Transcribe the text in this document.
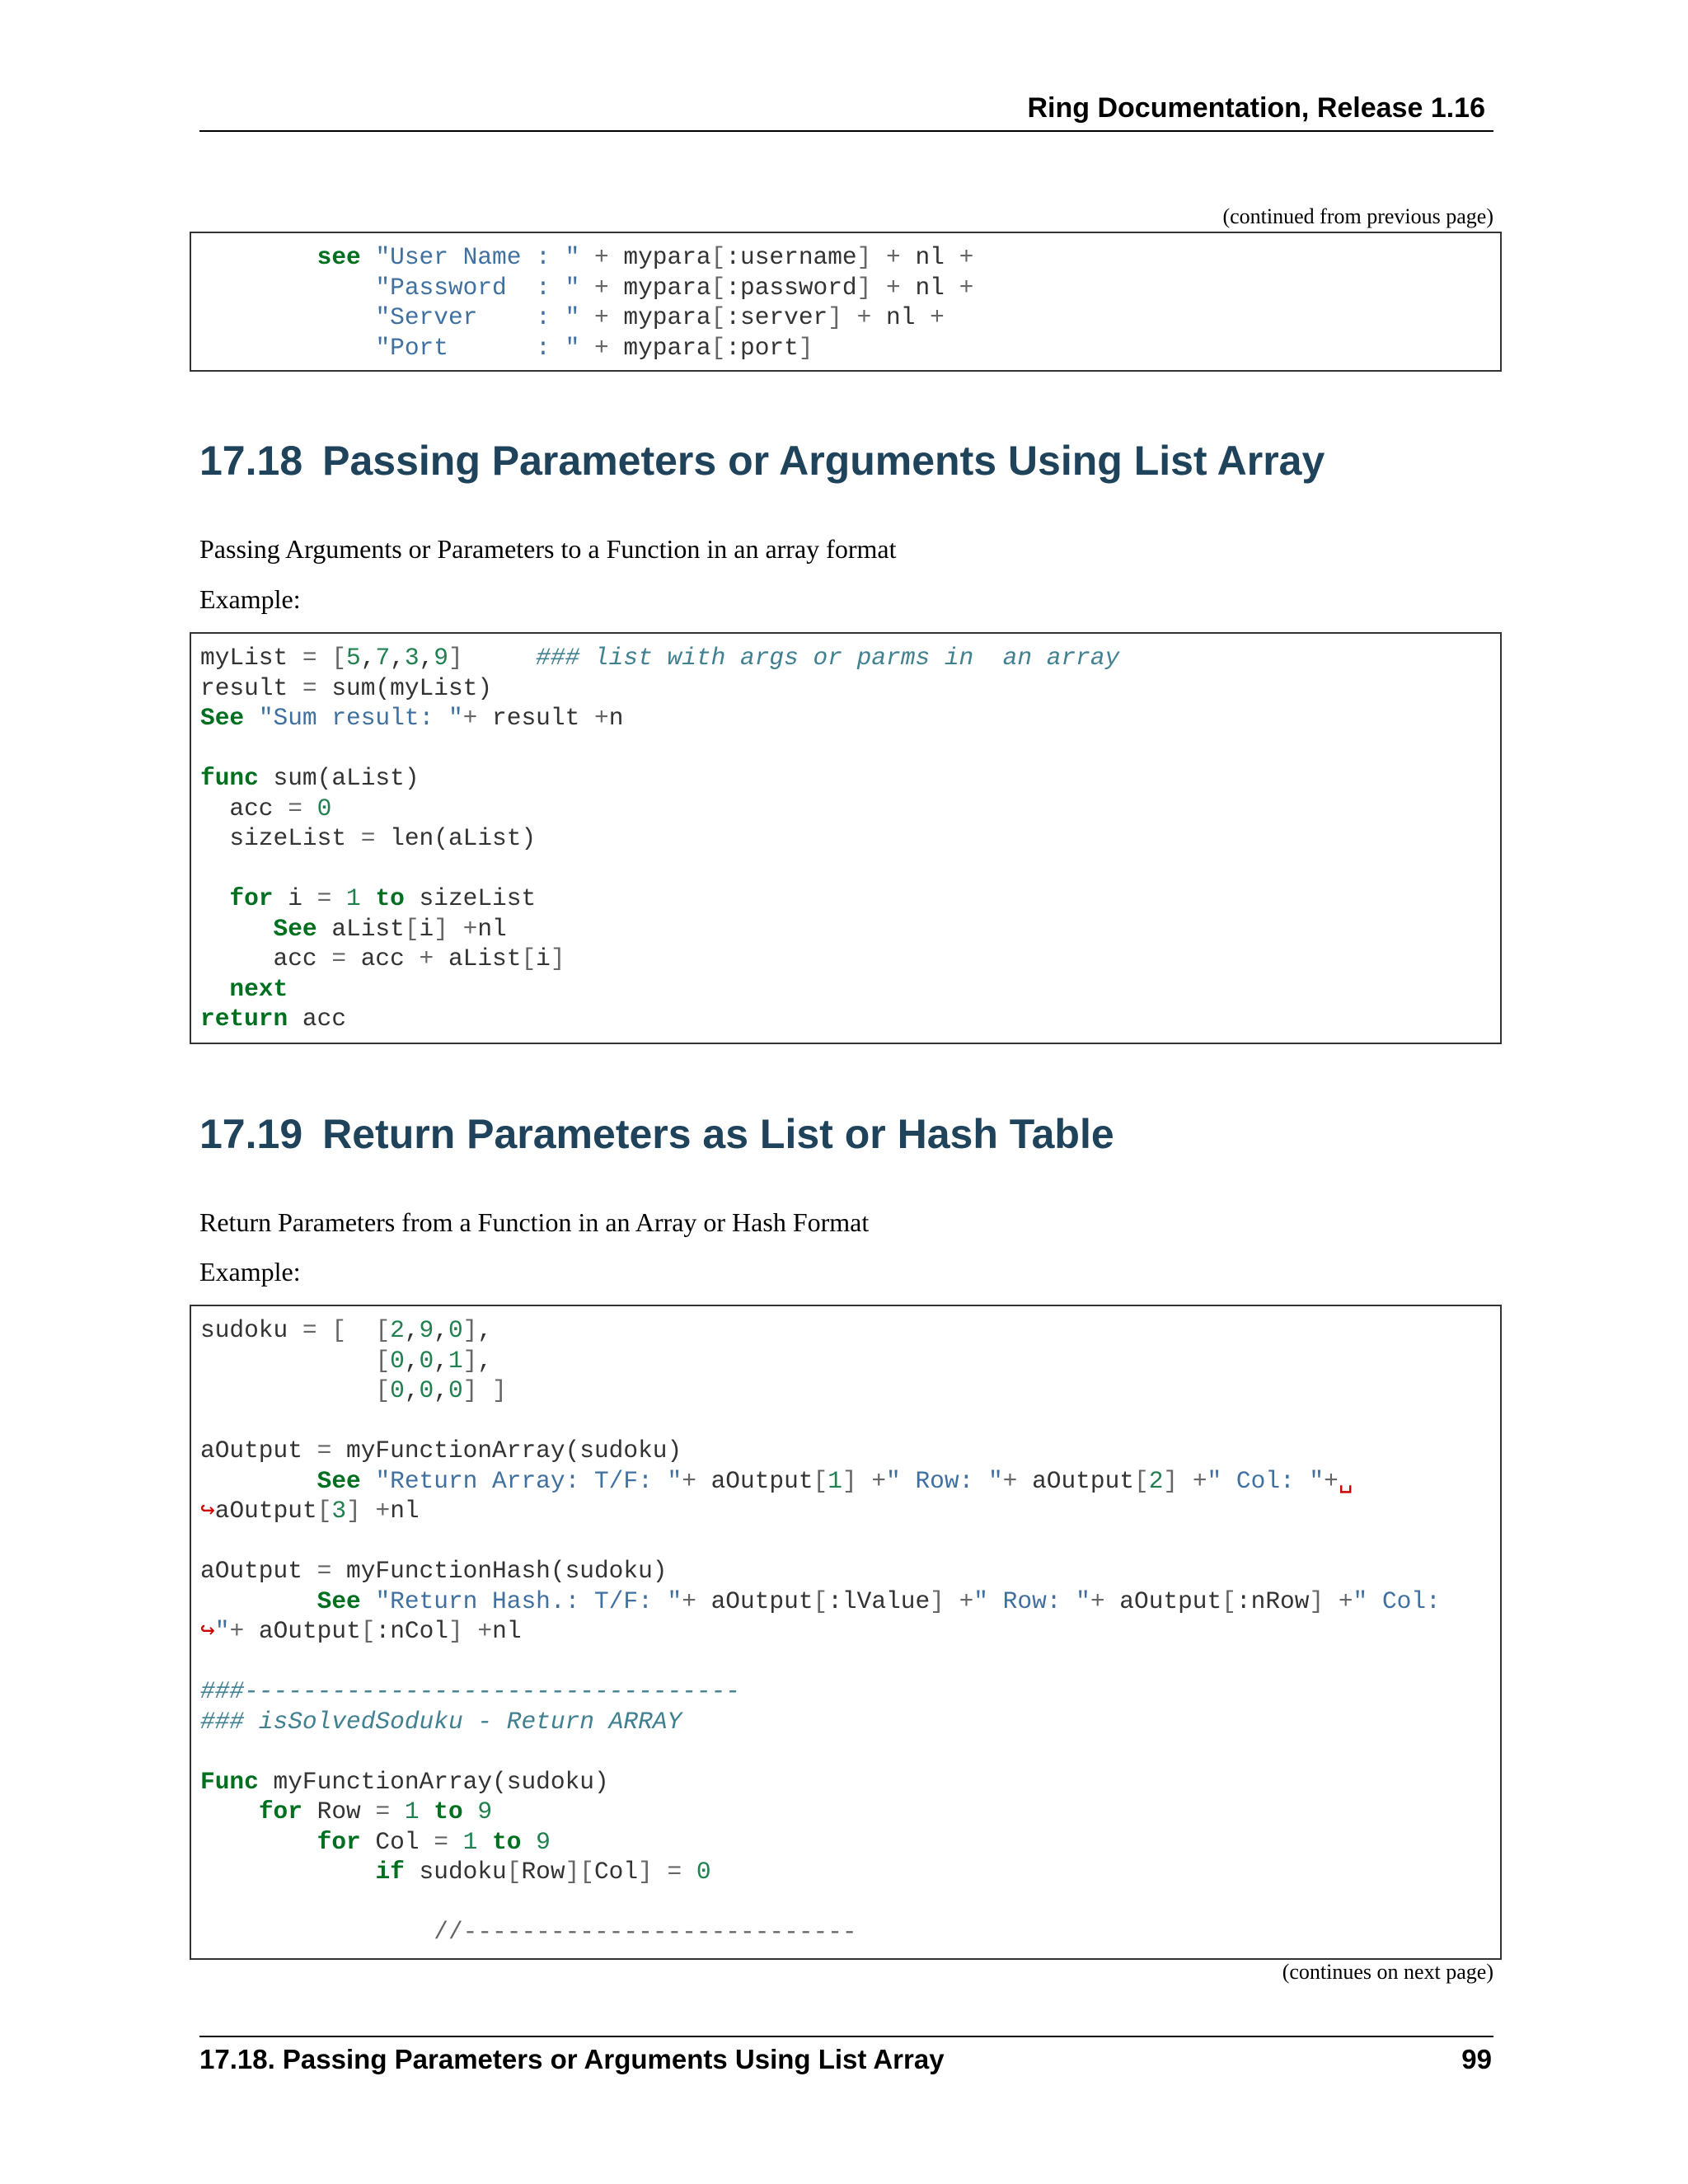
Ring Documentation, Release 1.16
(continued from previous page)
see "User Name : " + mypara[:username] + nl +
"Password  : " + mypara[:password] + nl +
"Server    : " + mypara[:server] + nl +
"Port      : " + mypara[:port]
17.18 Passing Parameters or Arguments Using List Array

Passing Arguments or Parameters to a Function in an array format

Example:

myList = [5,7,3,9]	### list with args or parms in  an array
result = sum(myList)
See "Sum result: "+ result +n
func sum(aList)
acc = 0
sizeList = len(aList)
for i = 1 to sizeList
See aList[i] +nl
acc = acc + aList[i]
next
return acc
17.19 Return Parameters as List or Hash Table

Return Parameters from a Function in an Array or Hash Format

Example:

sudoku = [ [2,9,0],
[0,0,1],
[0,0,0] ]
aOutput = myFunctionArray(sudoku)
See "Return Array: T/F: "+ aOutput[1] +" Row: "+ aOutput[2] +" Col: "+␣
↪aOutput[3] +nl
aOutput = myFunctionHash(sudoku)
See "Return Hash.: T/F: "+ aOutput[:lValue] +" Row: "+ aOutput[:nRow] +" Col:
↪"+ aOutput[:nCol] +nl
###----------------------------------
### isSolvedSoduku - Return ARRAY
Func myFunctionArray(sudoku)
for Row = 1 to 9
for Col = 1 to 9
if sudoku[Row][Col] = 0
//---------------------------
(continues on next page)
17.18. Passing Parameters or Arguments Using List Array	99
